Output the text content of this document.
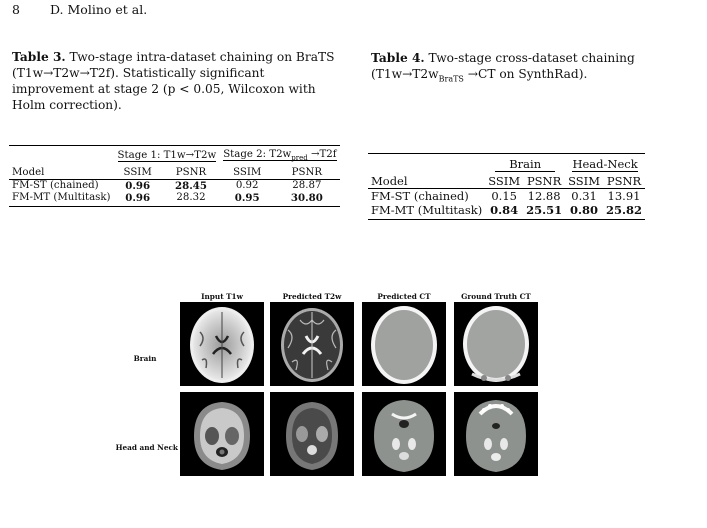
8 D. Molino et al.
Table 3. Two-stage intra-dataset chaining on BraTS (T1w→T2w→T2f). Statistically significant improvement at stage 2 (p < 0.05, Wilcoxon with Holm correction).
Table 4. Two-stage cross-dataset chaining ($T1w\to T2w_{BraTS} \to CT$ on SynthRad).

	Stage 1: T1w→T2w		Stage 2: $T2w_{pred} \to T2f$	

Model	SSIM	PSNR	SSIM	PSNR

FM-ST (chained)	0.96	28.45	0.92	28.87
FM-MT (Multitask)	0.96	28.32	0.95	30.80

	Brain		Head-Neck	

Model	SSIM	PSNR	SSIM	PSNR

FM-ST (chained)	0.15	12.88	0.31	13.91
FM-MT (Multitask)	0.84	25.51	0.80	25.82

Input T1w	Predicted T2w	Predicted CT	Ground Truth CT
Brain
Head and Neck
